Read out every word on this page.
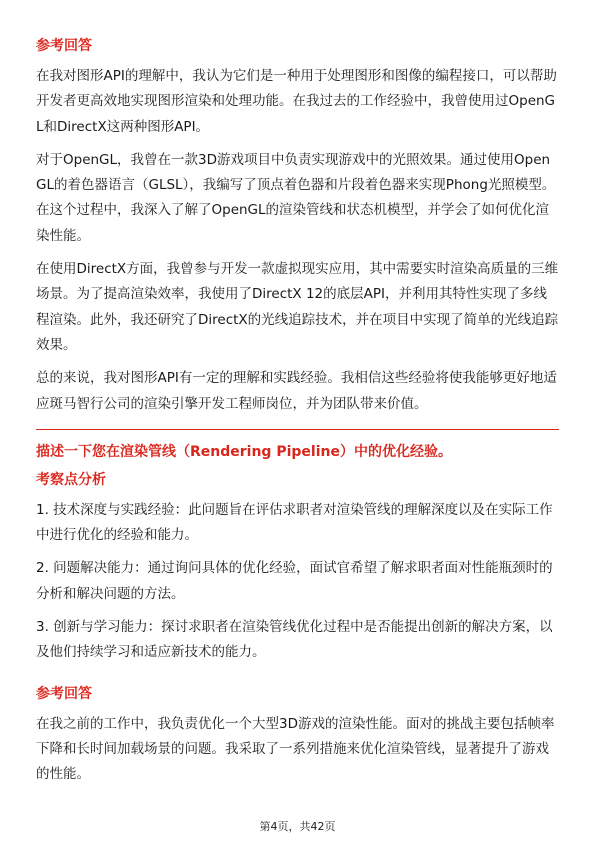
参考回答

在我对图形API的理解中，我认为它们是一种用于处理图形和图像的编程接口，可以帮助开发者更高效地实现图形渲染和处理功能。在我过去的工作经验中，我曾使用过OpenGL和DirectX这两种图形API。

对于OpenGL，我曾在一款3D游戏项目中负责实现游戏中的光照效果。通过使用OpenGL的着色器语言（GLSL），我编写了顶点着色器和片段着色器来实现Phong光照模型。在这个过程中，我深入了解了OpenGL的渲染管线和状态机模型，并学会了如何优化渲染性能。

在使用DirectX方面，我曾参与开发一款虚拟现实应用，其中需要实时渲染高质量的三维场景。为了提高渲染效率，我使用了DirectX 12的底层API，并利用其特性实现了多线程渲染。此外，我还研究了DirectX的光线追踪技术，并在项目中实现了简单的光线追踪效果。

总的来说，我对图形API有一定的理解和实践经验。我相信这些经验将使我能够更好地适应斑马智行公司的渲染引擎开发工程师岗位，并为团队带来价值。

描述一下您在渲染管线（Rendering Pipeline）中的优化经验。
考察点分析

1. 技术深度与实践经验：此问题旨在评估求职者对渲染管线的理解深度以及在实际工作中进行优化的经验和能力。

2. 问题解决能力：通过询问具体的优化经验，面试官希望了解求职者面对性能瓶颈时的分析和解决问题的方法。

3. 创新与学习能力：探讨求职者在渲染管线优化过程中是否能提出创新的解决方案，以及他们持续学习和适应新技术的能力。

参考回答

在我之前的工作中，我负责优化一个大型3D游戏的渲染性能。面对的挑战主要包括帧率下降和长时间加载场景的问题。我采取了一系列措施来优化渲染管线，显著提升了游戏的性能。

第4页，共42页
